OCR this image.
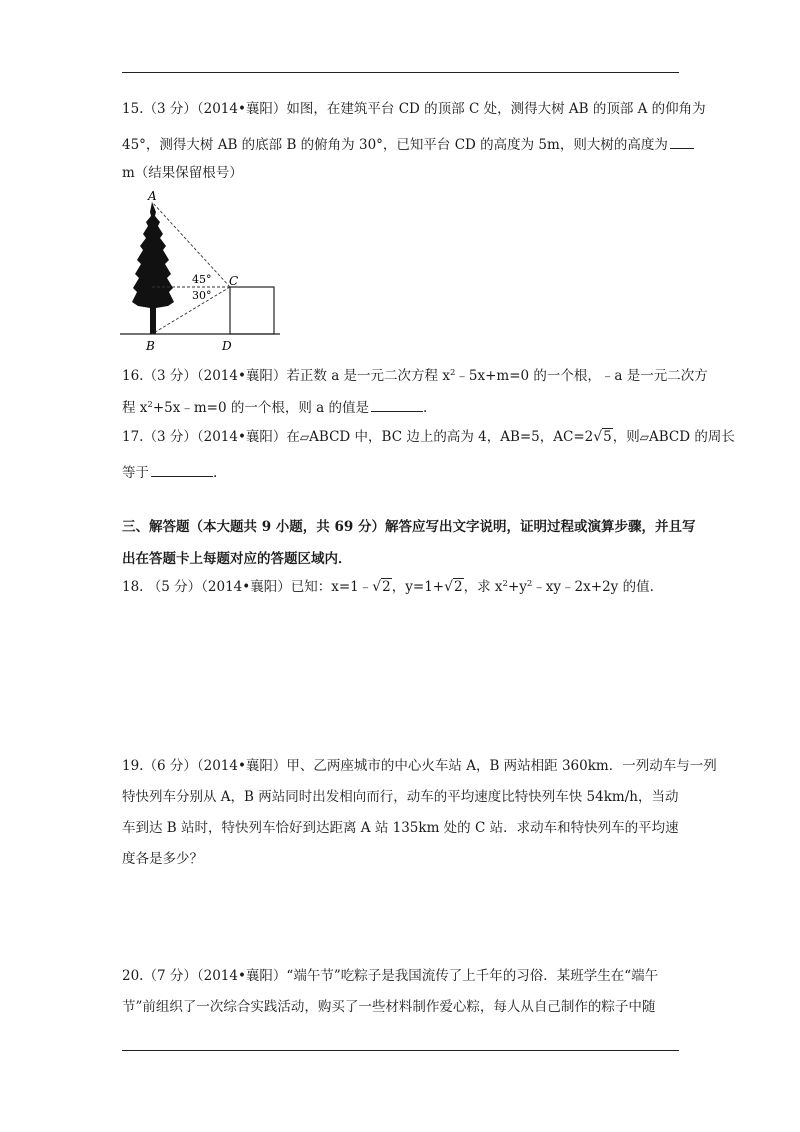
15.（3 分）（2014•襄阳）如图，在建筑平台 CD 的顶部 C 处，测得大树 AB 的顶部 A 的仰角为
45°，测得大树 AB 的底部 B 的俯角为 30°，已知平台 CD 的高度为 5m，则大树的高度为
m（结果保留根号）
A
B
C
D
45°
30°
16.（3 分）（2014•襄阳）若正数 a 是一元二次方程 $x^2﹣5x+m=0$ 的一个根，﹣a 是一元二次方
程 $x^2+5x﹣m=0$ 的一个根，则 a 的值是	.
17.（3 分）（2014•襄阳）在▱ABCD 中，BC 边上的高为 4，AB=5，AC=2√5，则▱ABCD 的周长
等于	.
三、解答题（本大题共 9 小题，共 69 分）解答应写出文字说明，证明过程或演算步骤，并且写
出在答题卡上每题对应的答题区域内．
18. （5 分）（2014•襄阳）已知：x=1﹣√2，y=1+√2，求 $x^2+y^2﹣xy﹣2x+2y$ 的值.
19.（6 分）（2014•襄阳）甲、乙两座城市的中心火车站 A，B 两站相距 360km．一列动车与一列
特快列车分别从 A，B 两站同时出发相向而行，动车的平均速度比特快列车快 54km/h，当动
车到达 B 站时，特快列车恰好到达距离 A 站 135km 处的 C 站．求动车和特快列车的平均速
度各是多少？
20.（7 分）（2014•襄阳）“端午节”吃粽子是我国流传了上千年的习俗．某班学生在“端午
节”前组织了一次综合实践活动，购买了一些材料制作爱心粽，每人从自己制作的粽子中随
